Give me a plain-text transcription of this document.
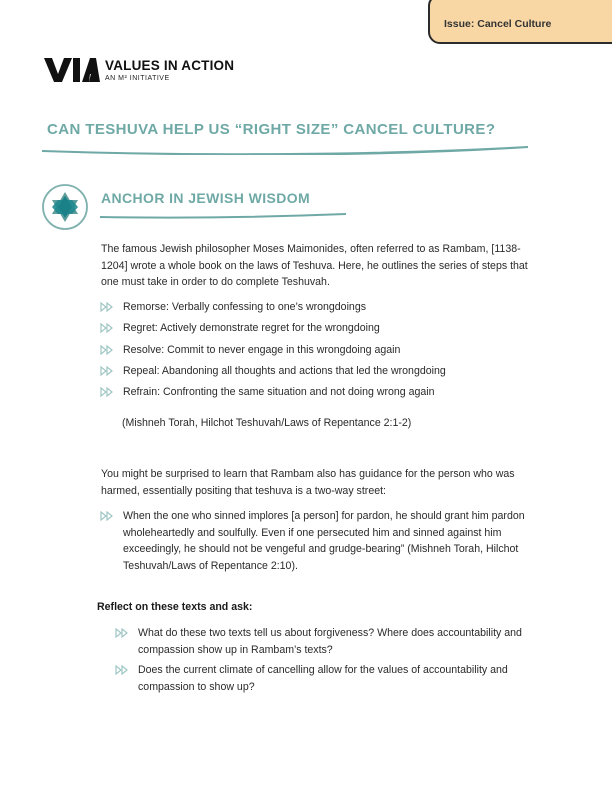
Issue: Cancel Culture
VALUES IN ACTION
AN M² INITIATIVE
CAN TESHUVA HELP US “RIGHT SIZE” CANCEL CULTURE?
ANCHOR IN JEWISH WISDOM

The famous Jewish philosopher Moses Maimonides, often referred to as Rambam, [1138-1204] wrote a whole book on the laws of Teshuva. Here, he outlines the series of steps that one must take in order to do complete Teshuvah.

Remorse: Verbally confessing to one’s wrongdoings
Regret: Actively demonstrate regret for the wrongdoing
Resolve: Commit to never engage in this wrongdoing again
Repeal: Abandoning all thoughts and actions that led the wrongdoing
Refrain: Confronting the same situation and not doing wrong again

(Mishneh Torah, Hilchot Teshuvah/Laws of Repentance 2:1-2)

You might be surprised to learn that Rambam also has guidance for the person who was harmed, essentially positing that teshuva is a two-way street:

When the one who sinned implores [a person] for pardon, he should grant him pardon wholeheartedly and soulfully. Even if one persecuted him and sinned against him exceedingly, he should not be vengeful and grudge-bearing” (Mishneh Torah, Hilchot Teshuvah/Laws of Repentance 2:10).

Reflect on these texts and ask:

What do these two texts tell us about forgiveness? Where does accountability and compassion show up in Rambam’s texts?
Does the current climate of cancelling allow for the values of accountability and compassion to show up?
